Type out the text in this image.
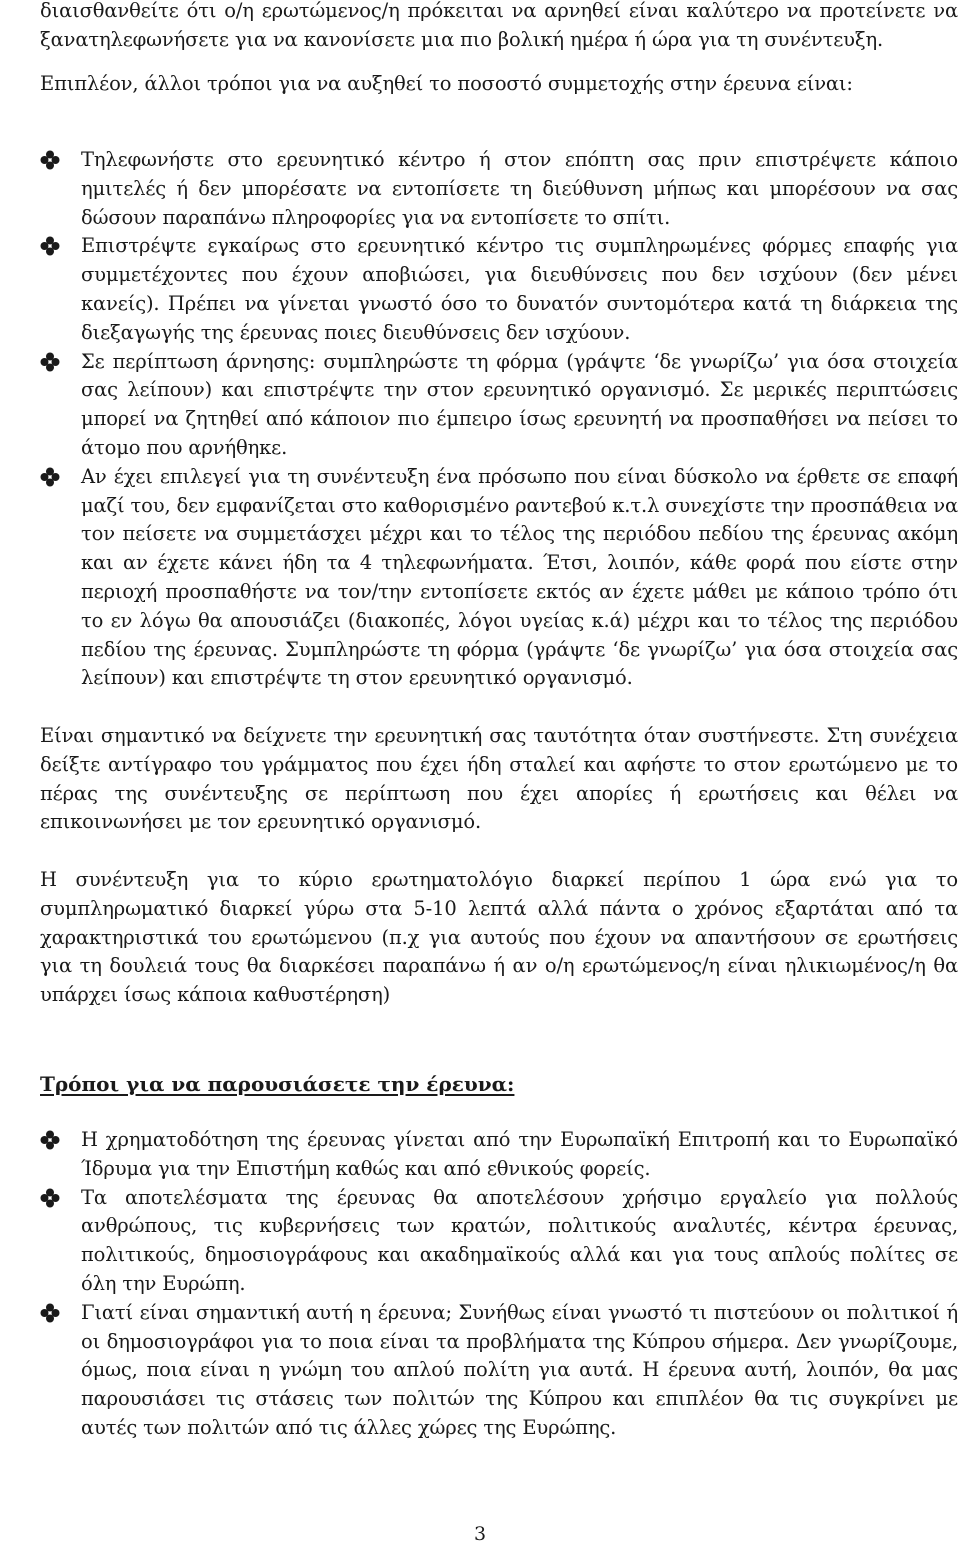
διαισθανθείτε ότι ο/η ερωτώμενος/η πρόκειται να αρνηθεί είναι καλύτερο να προτείνετε να ξανατηλεφωνήσετε για να κανονίσετε μια πιο βολική ημέρα ή ώρα για τη συνέντευξη.
Επιπλέον, άλλοι τρόποι για να αυξηθεί το ποσοστό συμμετοχής στην έρευνα είναι:
Τηλεφωνήστε στο ερευνητικό κέντρο ή στον επόπτη σας πριν επιστρέψετε κάποιο ημιτελές ή δεν μπορέσατε να εντοπίσετε τη διεύθυνση μήπως και μπορέσουν να σας δώσουν παραπάνω πληροφορίες για να εντοπίσετε το σπίτι.
Επιστρέψτε εγκαίρως στο ερευνητικό κέντρο τις συμπληρωμένες φόρμες επαφής για συμμετέχοντες που έχουν αποβιώσει, για διευθύνσεις που δεν ισχύουν (δεν μένει κανείς). Πρέπει να γίνεται γνωστό όσο το δυνατόν συντομότερα κατά τη διάρκεια της διεξαγωγής της έρευνας ποιες διευθύνσεις δεν ισχύουν.
Σε περίπτωση άρνησης: συμπληρώστε τη φόρμα (γράψτε ‘δε γνωρίζω’ για όσα στοιχεία σας λείπουν) και επιστρέψτε την στον ερευνητικό οργανισμό. Σε μερικές περιπτώσεις μπορεί να ζητηθεί από κάποιον πιο έμπειρο ίσως ερευνητή να προσπαθήσει να πείσει το άτομο που αρνήθηκε.
Αν έχει επιλεγεί για τη συνέντευξη ένα πρόσωπο που είναι δύσκολο να έρθετε σε επαφή μαζί του, δεν εμφανίζεται στο καθορισμένο ραντεβού κ.τ.λ συνεχίστε την προσπάθεια να τον πείσετε να συμμετάσχει μέχρι και το τέλος της περιόδου πεδίου της έρευνας ακόμη και αν έχετε κάνει ήδη τα 4 τηλεφωνήματα. Έτσι, λοιπόν, κάθε φορά που είστε στην περιοχή προσπαθήστε να τον/την εντοπίσετε εκτός αν έχετε μάθει με κάποιο τρόπο ότι το εν λόγω θα απουσιάζει (διακοπές, λόγοι υγείας κ.ά) μέχρι και το τέλος της περιόδου πεδίου της έρευνας. Συμπληρώστε τη φόρμα (γράψτε ‘δε γνωρίζω’ για όσα στοιχεία σας λείπουν) και επιστρέψτε τη στον ερευνητικό οργανισμό.
Είναι σημαντικό να δείχνετε την ερευνητική σας ταυτότητα όταν συστήνεστε. Στη συνέχεια δείξτε αντίγραφο του γράμματος που έχει ήδη σταλεί και αφήστε το στον ερωτώμενο με το πέρας της συνέντευξης σε περίπτωση που έχει απορίες ή ερωτήσεις και θέλει να επικοινωνήσει με τον ερευνητικό οργανισμό.
Η συνέντευξη για το κύριο ερωτηματολόγιο διαρκεί περίπου 1 ώρα ενώ για το συμπληρωματικό διαρκεί γύρω στα 5-10 λεπτά αλλά πάντα ο χρόνος εξαρτάται από τα χαρακτηριστικά του ερωτώμενου (π.χ για αυτούς που έχουν να απαντήσουν σε ερωτήσεις για τη δουλειά τους θα διαρκέσει παραπάνω ή αν ο/η ερωτώμενος/η είναι ηλικιωμένος/η θα υπάρχει ίσως κάποια καθυστέρηση)
Τρόποι για να παρουσιάσετε την έρευνα:
Η χρηματοδότηση της έρευνας γίνεται από την Ευρωπαϊκή Επιτροπή και το Ευρωπαϊκό Ίδρυμα για την Επιστήμη καθώς και από εθνικούς φορείς.
Τα αποτελέσματα της έρευνας θα αποτελέσουν χρήσιμο εργαλείο για πολλούς ανθρώπους, τις κυβερνήσεις των κρατών, πολιτικούς αναλυτές, κέντρα έρευνας, πολιτικούς, δημοσιογράφους και ακαδημαϊκούς αλλά και για τους απλούς πολίτες σε όλη την Ευρώπη.
Γιατί είναι σημαντική αυτή η έρευνα; Συνήθως είναι γνωστό τι πιστεύουν οι πολιτικοί ή οι δημοσιογράφοι για το ποια είναι τα προβλήματα της Κύπρου σήμερα. Δεν γνωρίζουμε, όμως, ποια είναι η γνώμη του απλού πολίτη για αυτά. Η έρευνα αυτή, λοιπόν, θα μας παρουσιάσει τις στάσεις των πολιτών της Κύπρου και επιπλέον θα τις συγκρίνει με αυτές των πολιτών από τις άλλες χώρες της Ευρώπης.
3
